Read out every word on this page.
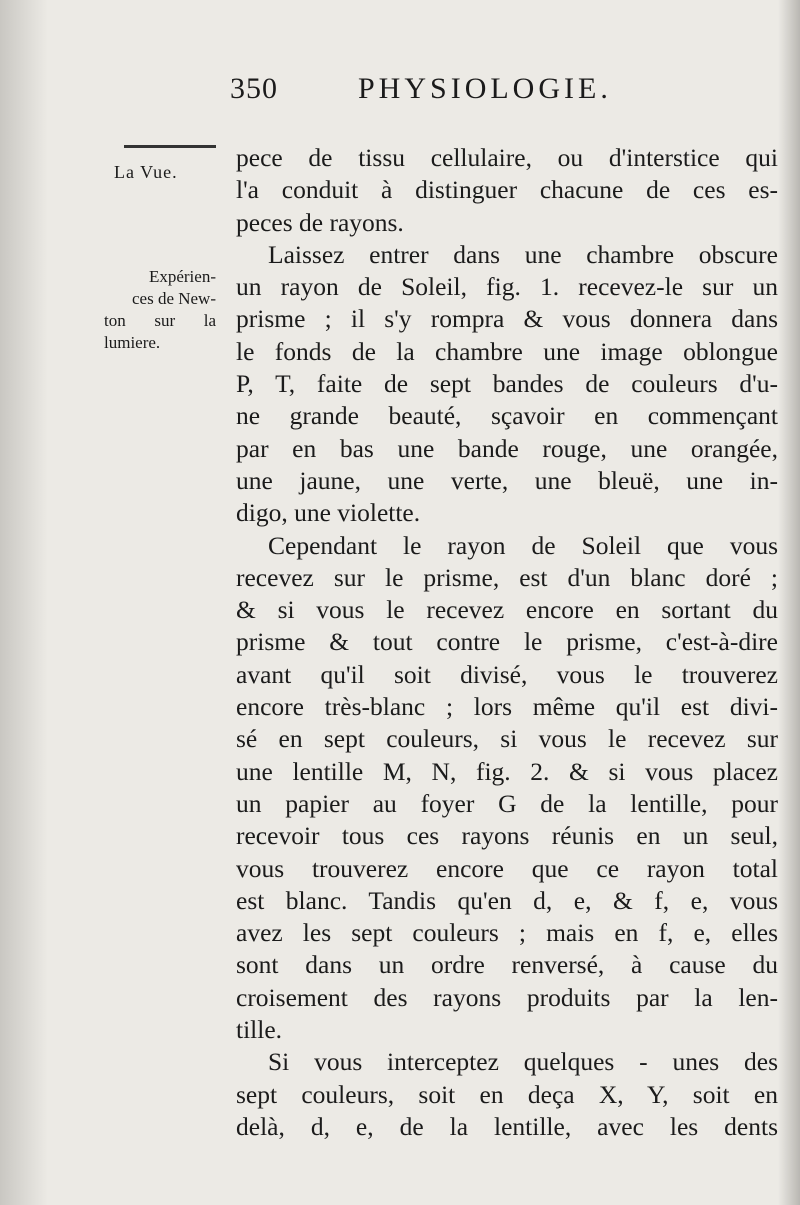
350	PHYSIOLOGIE.
La Vue.
Expérien-
ces de New-
ton sur la
lumiere.
pece de tissu cellulaire, ou d'interstice qui
l'a conduit à distinguer chacune de ces es-
peces de rayons.
Laissez entrer dans une chambre obscure
un rayon de Soleil, fig. 1. recevez-le sur un
prisme ; il s'y rompra & vous donnera dans
le fonds de la chambre une image oblongue
P, T, faite de sept bandes de couleurs d'u-
ne grande beauté, sçavoir en commençant
par en bas une bande rouge, une orangée,
une jaune, une verte, une bleuë, une in-
digo, une violette.
Cependant le rayon de Soleil que vous
recevez sur le prisme, est d'un blanc doré ;
& si vous le recevez encore en sortant du
prisme & tout contre le prisme, c'est-à-dire
avant qu'il soit divisé, vous le trouverez
encore très-blanc ; lors même qu'il est divi-
sé en sept couleurs, si vous le recevez sur
une lentille M, N, fig. 2. & si vous placez
un papier au foyer G de la lentille, pour
recevoir tous ces rayons réunis en un seul,
vous trouverez encore que ce rayon total
est blanc. Tandis qu'en d, e, & f, e, vous
avez les sept couleurs ; mais en f, e, elles
sont dans un ordre renversé, à cause du
croisement des rayons produits par la len-
tille.
Si vous interceptez quelques - unes des
sept couleurs, soit en deça X, Y, soit en
delà, d, e, de la lentille, avec les dents
